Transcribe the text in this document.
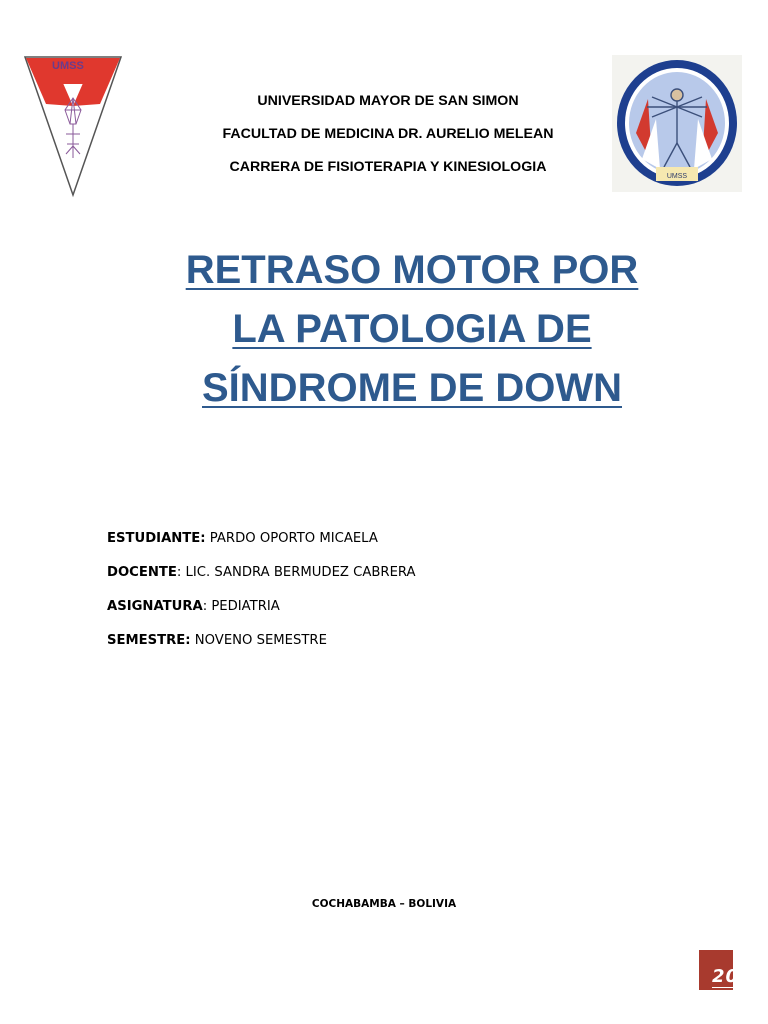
UMSS
UNIVERSIDAD MAYOR DE SAN SIMON
FACULTAD DE MEDICINA DR. AURELIO MELEAN
CARRERA DE FISIOTERAPIA Y KINESIOLOGIA
UMSS
RETRASO MOTOR POR
LA PATOLOGIA DE
SÍNDROME DE DOWN
ESTUDIANTE: PARDO OPORTO MICAELA
DOCENTE: LIC. SANDRA BERMUDEZ CABRERA
ASIGNATURA: PEDIATRIA
SEMESTRE: NOVENO SEMESTRE
COCHABAMBA – BOLIVIA
20
